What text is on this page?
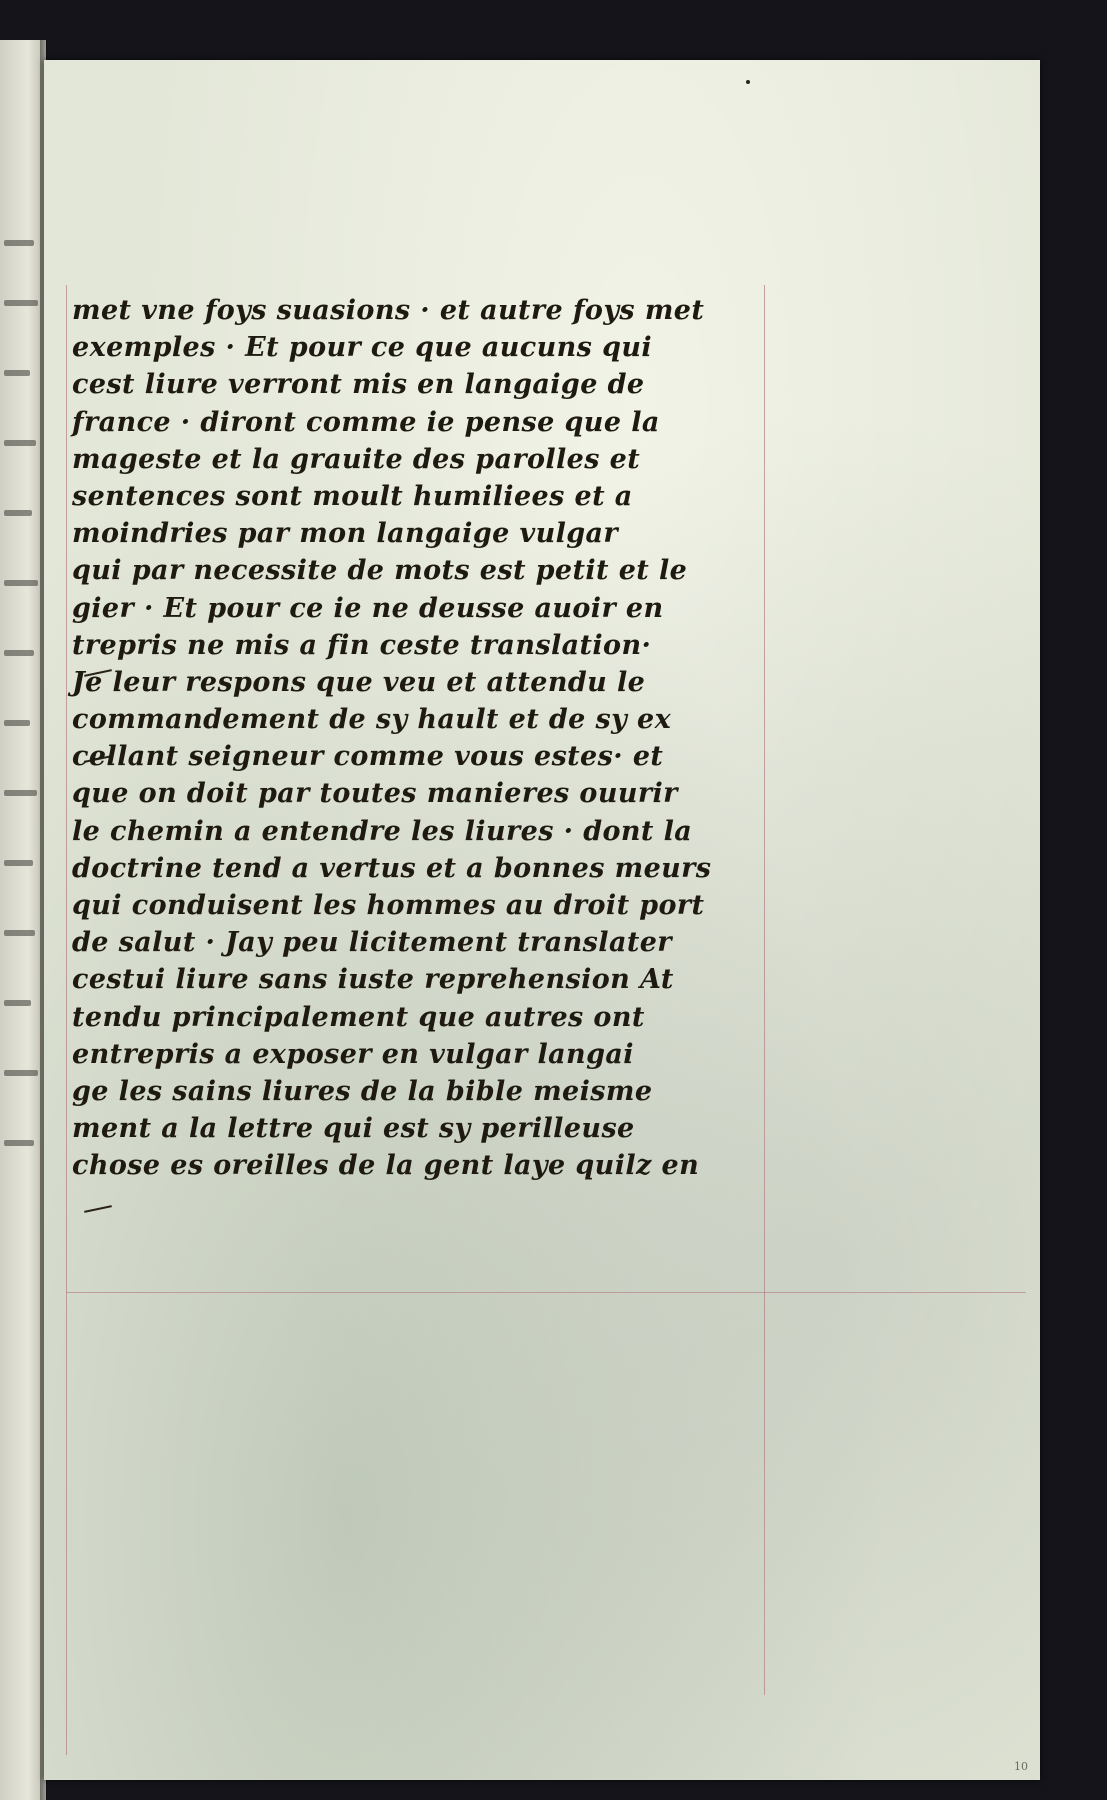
met vne foys suasions · et autre foys met
exemples · Et pour ce que aucuns qui
cest liure verront mis en langaige de
france · diront comme ie pense que la
mageste et la grauite des parolles et
sentences sont moult humiliees et a
moindries par mon langaige vulgar
qui par necessite de mots est petit et le
gier · Et pour ce ie ne deusse auoir en
trepris ne mis a fin ceste translation·
Je leur respons que veu et attendu le
commandement de sy hault et de sy ex
cellant seigneur comme vous estes· et
que on doit par toutes manieres ouurir
le chemin a entendre les liures · dont la
doctrine tend a vertus et a bonnes meurs
qui conduisent les hommes au droit port
de salut · Jay peu licitement translater
cestui liure sans iuste reprehension At
tendu principalement que autres ont
entrepris a exposer en vulgar langai
ge les sains liures de la bible meisme
ment a la lettre qui est sy perilleuse
chose es oreilles de la gent laye quilz en
10
